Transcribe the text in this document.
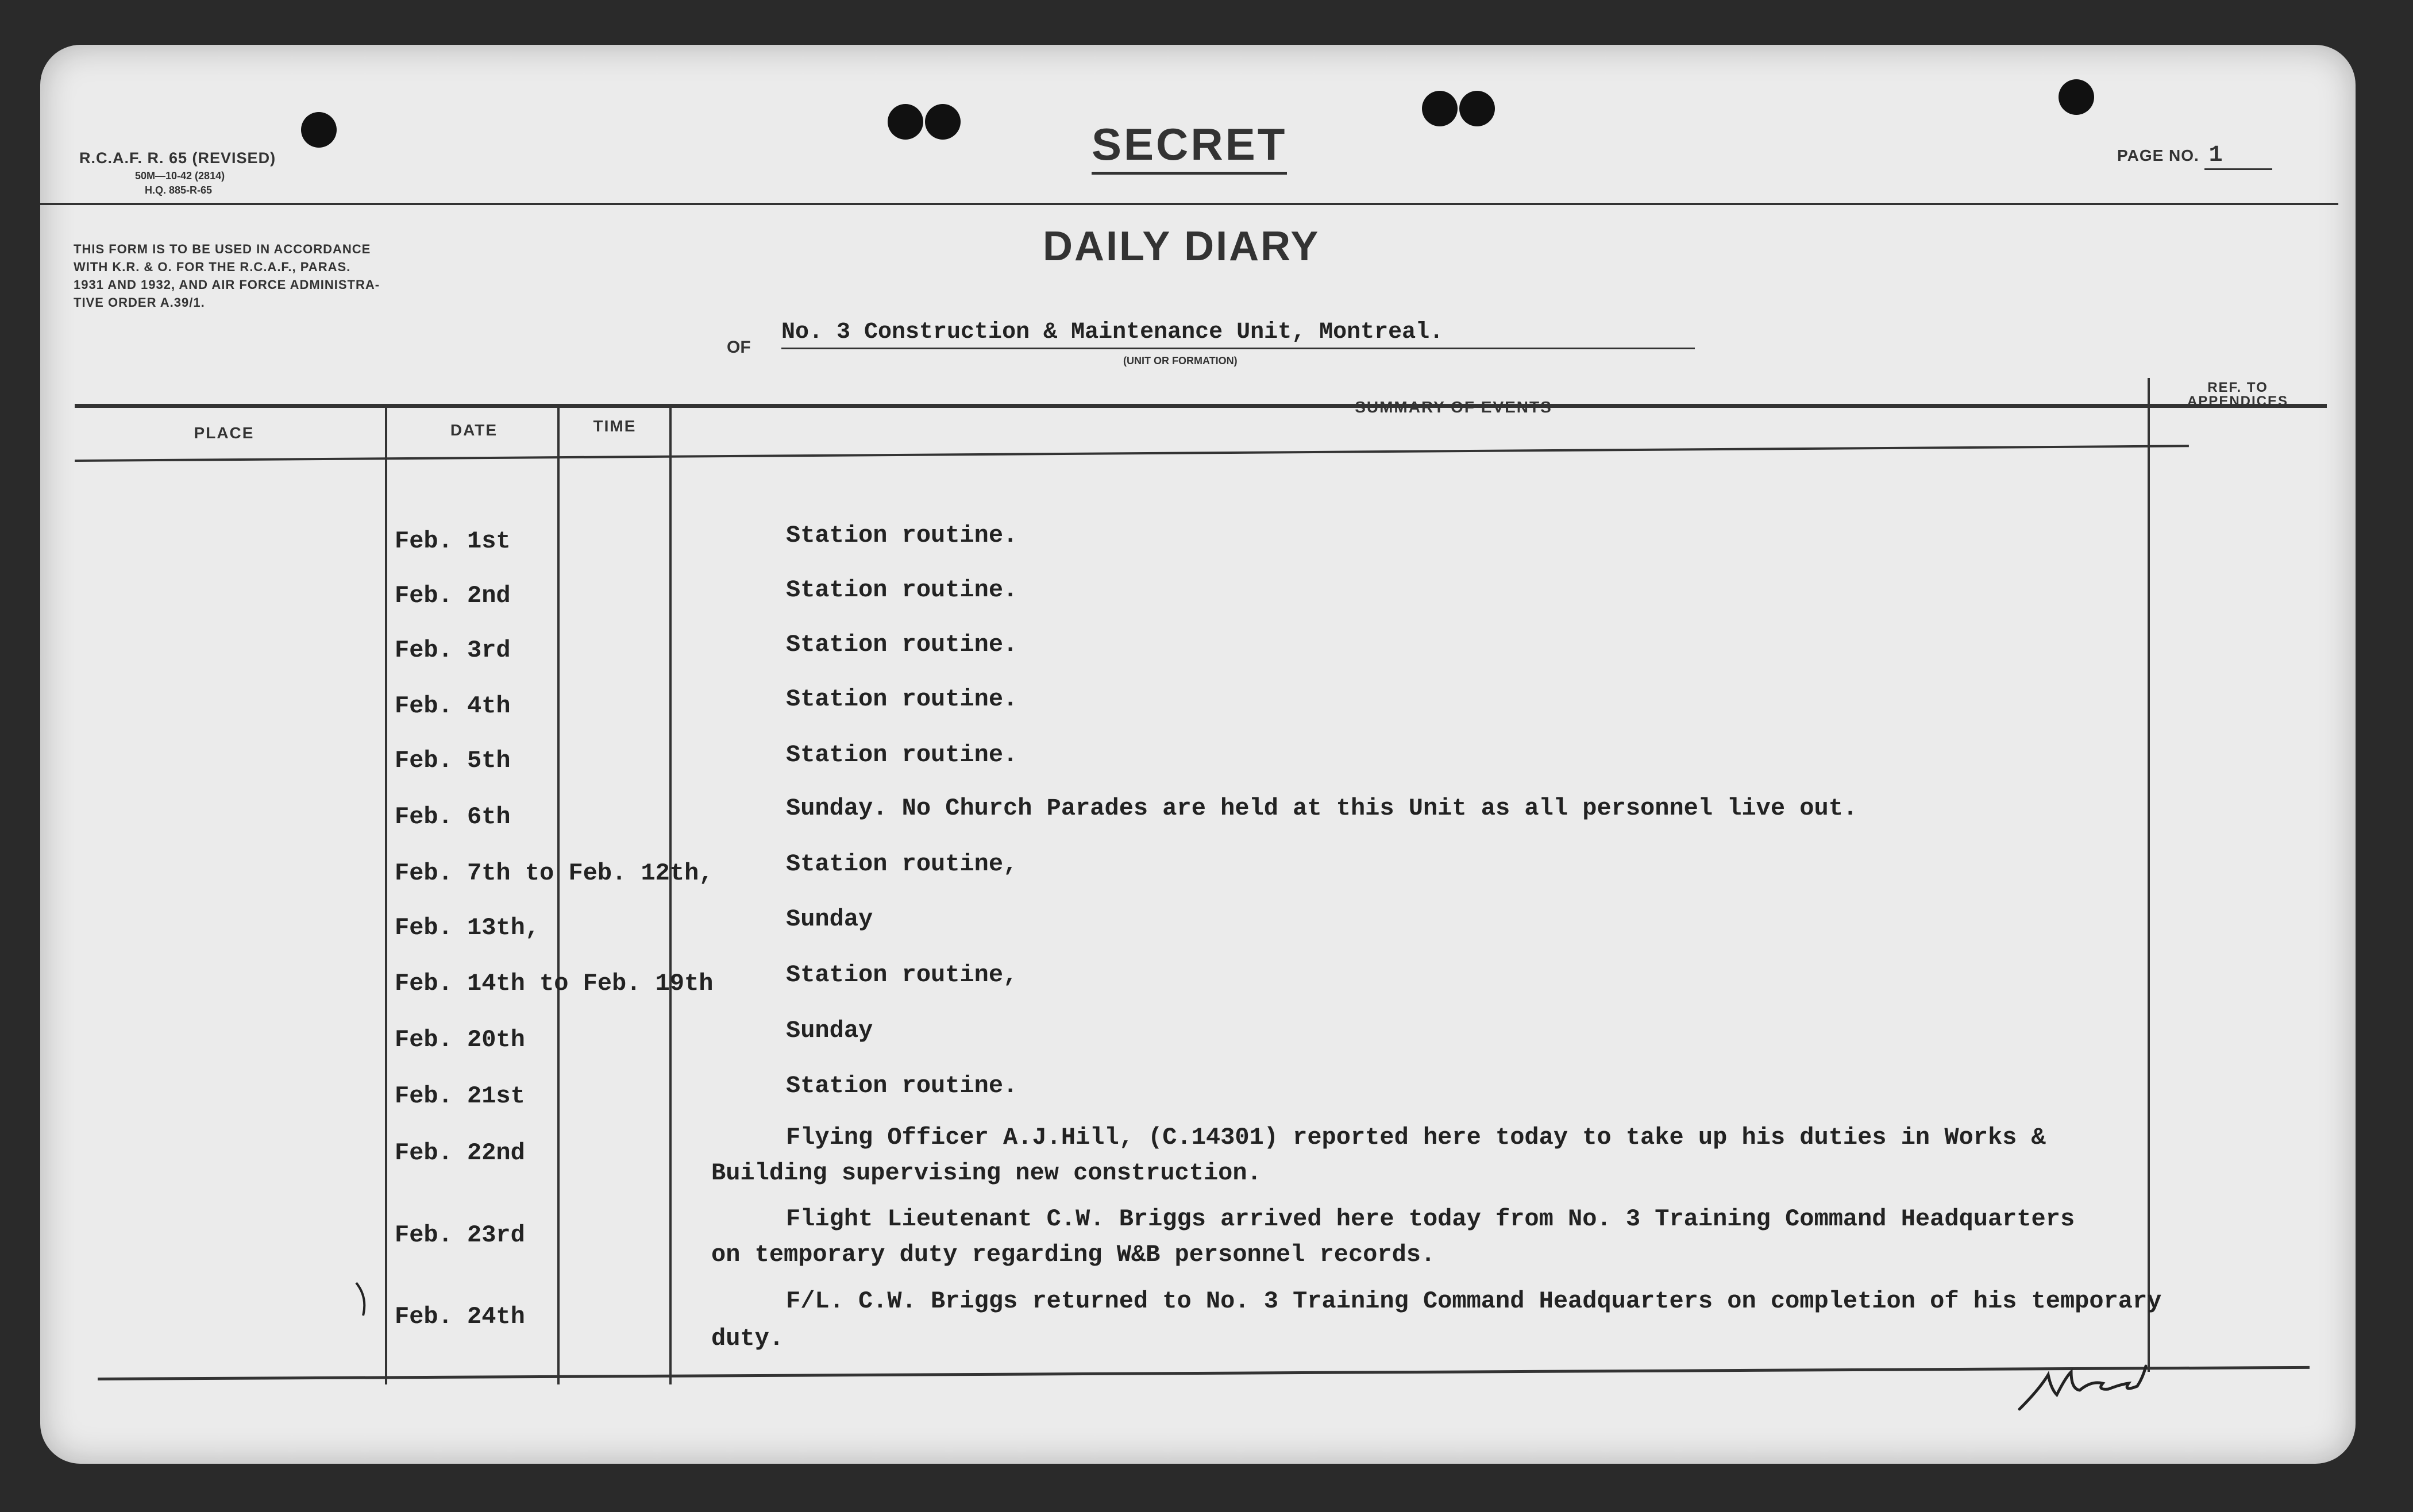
R.C.A.F. R. 65 (REVISED)
50M—10-42 (2814)
H.Q. 885-R-65
SECRET	PAGE NO. 1
THIS FORM IS TO BE USED IN ACCORDANCE
WITH K.R. & O. FOR THE R.C.A.F., PARAS.
1931 AND 1932, AND AIR FORCE ADMINISTRA-
TIVE ORDER A.39/1.
DAILY DIARY
OF
No. 3 Construction & Maintenance Unit, Montreal.
(UNIT OR FORMATION)
PLACE	DATE	TIME
SUMMARY OF EVENTS
REF. TO
APPENDICES
Feb. 1st	Station routine.
Feb. 2nd	Station routine.
Feb. 3rd	Station routine.
Feb. 4th	Station routine.
Feb. 5th	Station routine.
Feb. 6th	Sunday. No Church Parades are held at this Unit as all personnel live out.
Feb. 7th to Feb. 12th,	Station routine,
Feb. 13th,	Sunday
Feb. 14th to Feb. 19th	Station routine,
Feb. 20th	Sunday
Feb. 21st	Station routine.
Feb. 22nd
Flying Officer A.J.Hill, (C.14301) reported here today to take up his duties in Works &
Building supervising new construction.
Feb. 23rd
Flight Lieutenant C.W. Briggs arrived here today from No. 3 Training Command Headquarters
on temporary duty regarding W&B personnel records.
Feb. 24th
F/L. C.W. Briggs returned to No. 3 Training Command Headquarters on completion of his temporary
duty.
